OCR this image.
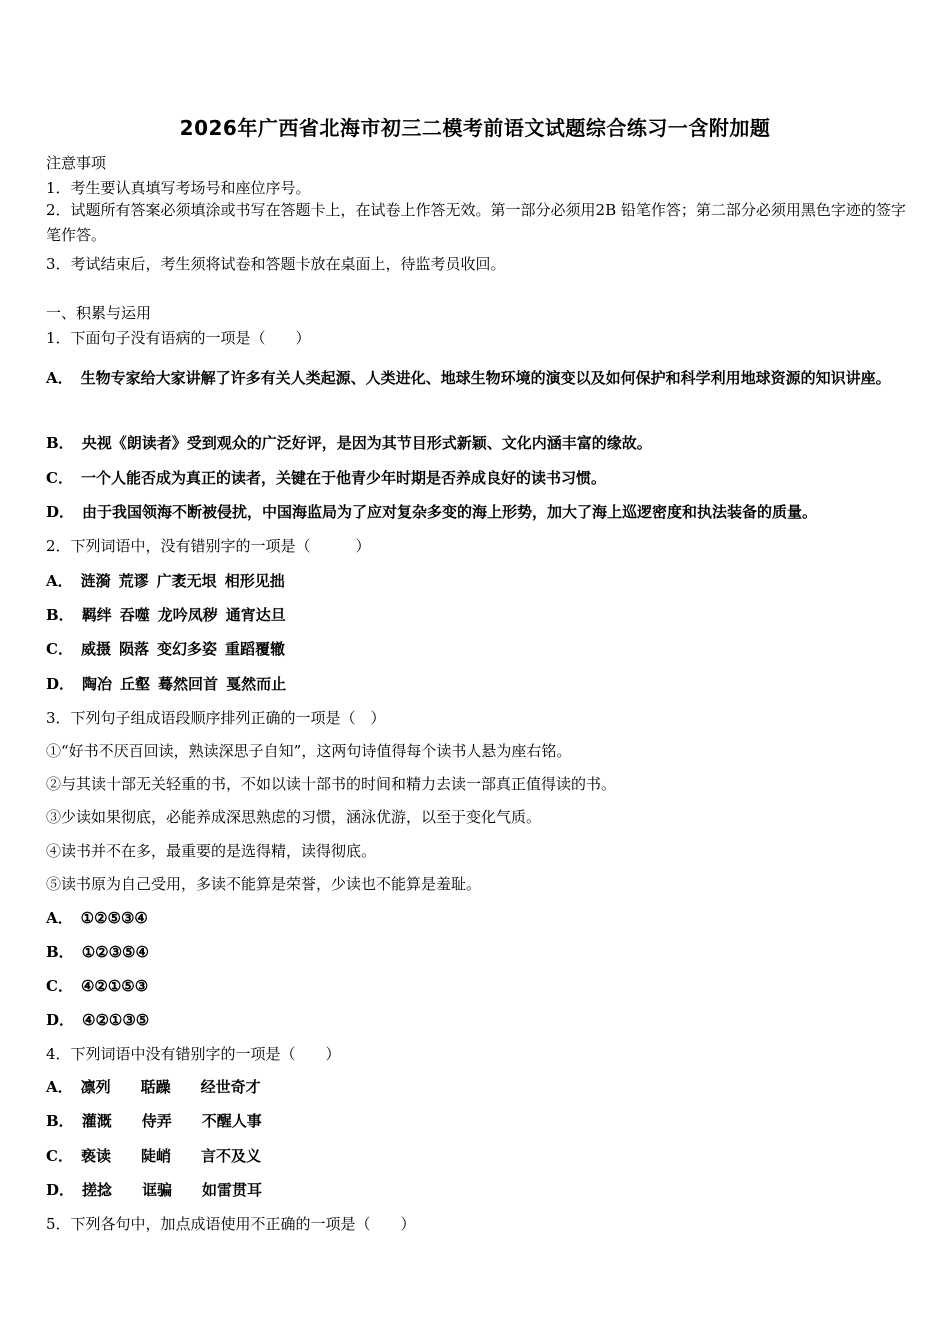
2026年广西省北海市初三二模考前语文试题综合练习一含附加题
注意事项
1．考生要认真填写考场号和座位序号。
2．试题所有答案必须填涂或书写在答题卡上，在试卷上作答无效。第一部分必须用2B 铅笔作答；第二部分必须用黑色字迹的签字笔作答。
3．考试结束后，考生须将试卷和答题卡放在桌面上，待监考员收回。
一、积累与运用
1．下面句子没有语病的一项是（　　）
A． 生物专家给大家讲解了许多有关人类起源、人类进化、地球生物环境的演变以及如何保护和科学利用地球资源的知识讲座。
B． 央视《朗读者》受到观众的广泛好评，是因为其节目形式新颖、文化内涵丰富的缘故。
C． 一个人能否成为真正的读者，关键在于他青少年时期是否养成良好的读书习惯。
D． 由于我国领海不断被侵扰，中国海监局为了应对复杂多变的海上形势，加大了海上巡逻密度和执法装备的质量。
2．下列词语中，没有错别字的一项是（　　　）
A． 涟漪 荒谬 广袤无垠 相形见拙
B． 羁绊 吞噬 龙吟凤秽 通宵达旦
C． 威摄 陨落 变幻多姿 重蹈覆辙
D． 陶冶 丘壑 蓦然回首 戛然而止
3．下列句子组成语段顺序排列正确的一项是（　）
①“好书不厌百回读，熟读深思子自知”，这两句诗值得每个读书人悬为座右铭。
②与其读十部无关轻重的书，不如以读十部书的时间和精力去读一部真正值得读的书。
③少读如果彻底，必能养成深思熟虑的习惯，涵泳优游，以至于变化气质。
④读书并不在多，最重要的是选得精，读得彻底。
⑤读书原为自己受用，多读不能算是荣誉，少读也不能算是羞耻。
A． ①②⑤③④
B． ①②③⑤④
C． ④②①⑤③
D． ④②①③⑤
4．下列词语中没有错别字的一项是（　　）
A． 凛列 聒躁 经世奇才
B． 灌溉 侍弄 不醒人事
C． 亵读 陡峭 言不及义
D． 搓捻 诓骗 如雷贯耳
5．下列各句中，加点成语使用不正确的一项是（　　）
